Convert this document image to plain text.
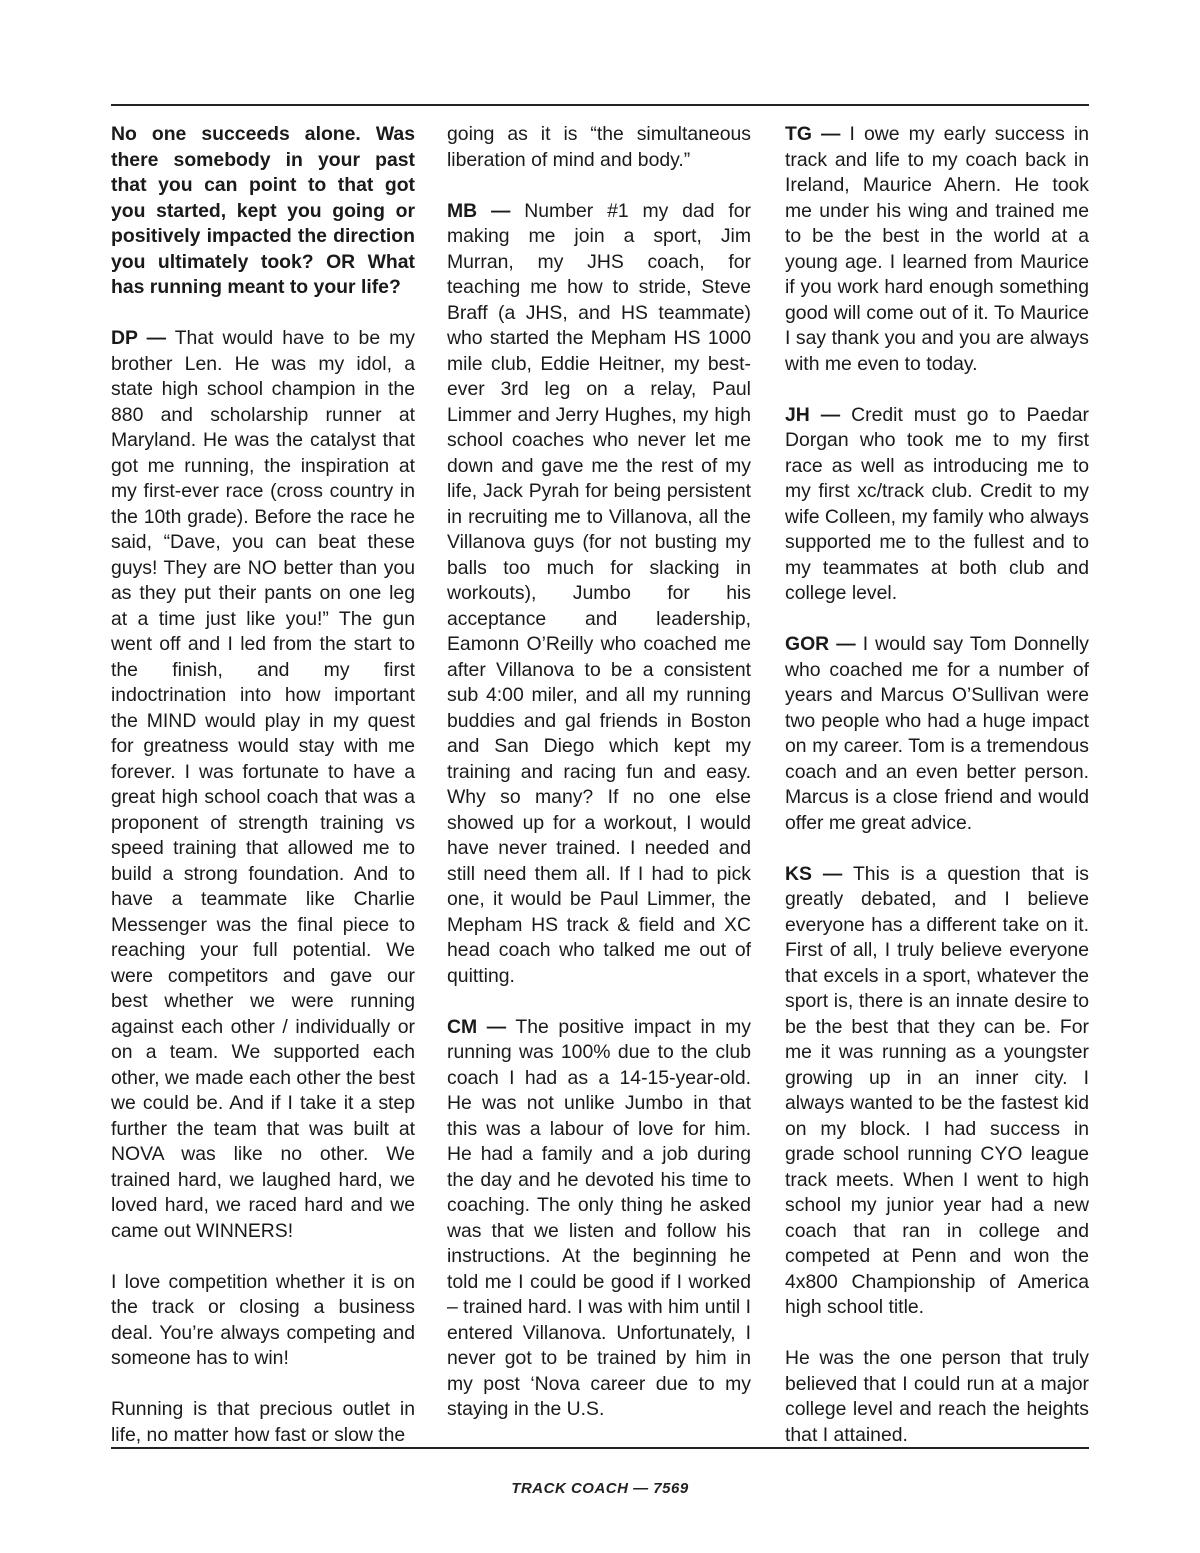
No one succeeds alone. Was there somebody in your past that you can point to that got you started, kept you going or positively impacted the direction you ultimately took? OR What has running meant to your life?

DP — That would have to be my brother Len. He was my idol, a state high school champion in the 880 and scholarship runner at Maryland. He was the catalyst that got me running, the inspiration at my first-ever race (cross country in the 10th grade). Before the race he said, “Dave, you can beat these guys! They are NO better than you as they put their pants on one leg at a time just like you!” The gun went off and I led from the start to the finish, and my first indoctrination into how important the MIND would play in my quest for greatness would stay with me forever. I was fortunate to have a great high school coach that was a proponent of strength training vs speed training that allowed me to build a strong foundation. And to have a teammate like Charlie Messenger was the final piece to reaching your full potential. We were competitors and gave our best whether we were running against each other / individually or on a team. We supported each other, we made each other the best we could be. And if I take it a step further the team that was built at NOVA was like no other. We trained hard, we laughed hard, we loved hard, we raced hard and we came out WINNERS!

I love competition whether it is on the track or closing a business deal. You’re always competing and someone has to win!

Running is that precious outlet in life, no matter how fast or slow the

going as it is “the simultaneous liberation of mind and body.”

MB — Number #1 my dad for making me join a sport, Jim Murran, my JHS coach, for teaching me how to stride, Steve Braff (a JHS, and HS teammate) who started the Mepham HS 1000 mile club, Eddie Heitner, my best-ever 3rd leg on a relay, Paul Limmer and Jerry Hughes, my high school coaches who never let me down and gave me the rest of my life, Jack Pyrah for being persistent in recruiting me to Villanova, all the Villanova guys (for not busting my balls too much for slacking in workouts), Jumbo for his acceptance and leadership, Eamonn O’Reilly who coached me after Villanova to be a consistent sub 4:00 miler, and all my running buddies and gal friends in Boston and San Diego which kept my training and racing fun and easy. Why so many? If no one else showed up for a workout, I would have never trained. I needed and still need them all. If I had to pick one, it would be Paul Limmer, the Mepham HS track & field and XC head coach who talked me out of quitting.

CM — The positive impact in my running was 100% due to the club coach I had as a 14-15-year-old. He was not unlike Jumbo in that this was a labour of love for him. He had a family and a job during the day and he devoted his time to coaching. The only thing he asked was that we listen and follow his instructions. At the beginning he told me I could be good if I worked – trained hard. I was with him until I entered Villanova. Unfortunately, I never got to be trained by him in my post ‘Nova career due to my staying in the U.S.

TG — I owe my early success in track and life to my coach back in Ireland, Maurice Ahern. He took me under his wing and trained me to be the best in the world at a young age. I learned from Maurice if you work hard enough something good will come out of it. To Maurice I say thank you and you are always with me even to today.

JH — Credit must go to Paedar Dorgan who took me to my first race as well as introducing me to my first xc/track club. Credit to my wife Colleen, my family who always supported me to the fullest and to my teammates at both club and college level.

GOR — I would say Tom Donnelly who coached me for a number of years and Marcus O’Sullivan were two people who had a huge impact on my career. Tom is a tremendous coach and an even better person. Marcus is a close friend and would offer me great advice.

KS — This is a question that is greatly debated, and I believe everyone has a different take on it. First of all, I truly believe everyone that excels in a sport, whatever the sport is, there is an innate desire to be the best that they can be. For me it was running as a youngster growing up in an inner city. I always wanted to be the fastest kid on my block. I had success in grade school running CYO league track meets. When I went to high school my junior year had a new coach that ran in college and competed at Penn and won the 4x800 Championship of America high school title.

He was the one person that truly believed that I could run at a major college level and reach the heights that I attained.

TRACK COACH — 7569
